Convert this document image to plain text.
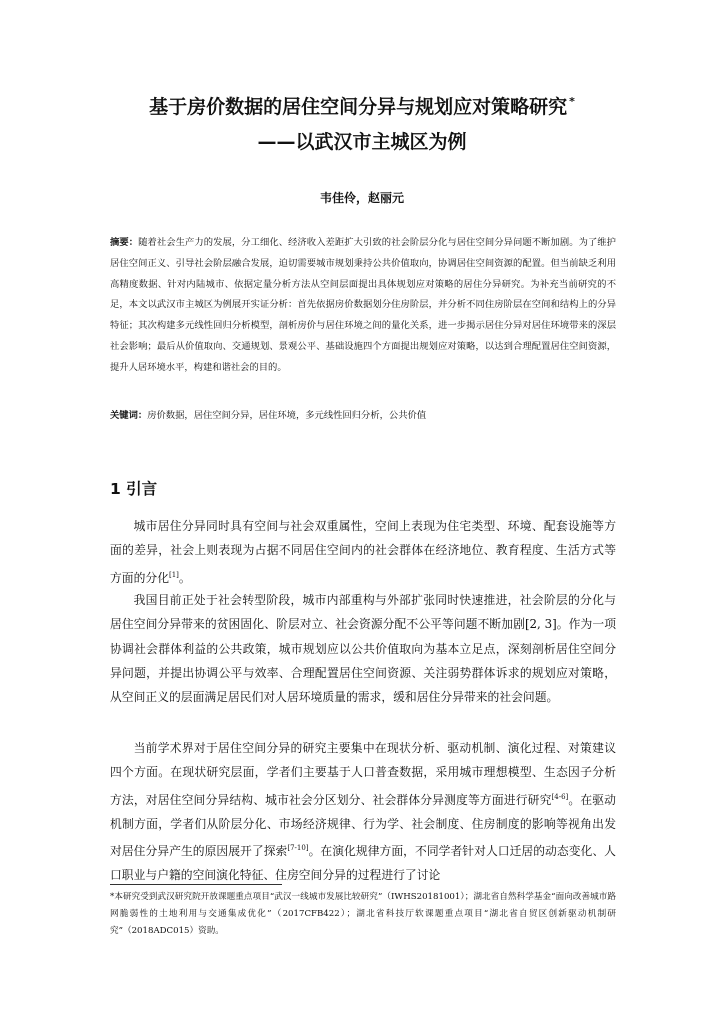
基于房价数据的居住空间分异与规划应对策略研究 *
——以武汉市主城区为例
韦佳伶，赵丽元
摘要：随着社会生产力的发展，分工细化、经济收入差距扩大引致的社会阶层分化与居住空间分异问题不断加剧。为了维护居住空间正义、引导社会阶层融合发展，迫切需要城市规划秉持公共价值取向，协调居住空间资源的配置。但当前缺乏利用高精度数据、针对内陆城市、依据定量分析方法从空间层面提出具体规划应对策略的居住分异研究。为补充当前研究的不足，本文以武汉市主城区为例展开实证分析：首先依据房价数据划分住房阶层，并分析不同住房阶层在空间和结构上的分异特征；其次构建多元线性回归分析模型，剖析房价与居住环境之间的量化关系，进一步揭示居住分异对居住环境带来的深层社会影响；最后从价值取向、交通规划、景观公平、基础设施四个方面提出规划应对策略，以达到合理配置居住空间资源，提升人居环境水平，构建和谐社会的目的。
关键词：房价数据，居住空间分异，居住环境，多元线性回归分析，公共价值
1 引言

城市居住分异同时具有空间与社会双重属性，空间上表现为住宅类型、环境、配套设施等方面的差异，社会上则表现为占据不同居住空间内的社会群体在经济地位、教育程度、生活方式等方面的分化[1]。

我国目前正处于社会转型阶段，城市内部重构与外部扩张同时快速推进，社会阶层的分化与居住空间分异带来的贫困固化、阶层对立、社会资源分配不公平等问题不断加剧[2, 3]。作为一项协调社会群体利益的公共政策，城市规划应以公共价值取向为基本立足点，深刻剖析居住空间分异问题，并提出协调公平与效率、合理配置居住空间资源、关注弱势群体诉求的规划应对策略，从空间正义的层面满足居民们对人居环境质量的需求，缓和居住分异带来的社会问题。

当前学术界对于居住空间分异的研究主要集中在现状分析、驱动机制、演化过程、对策建议四个方面。在现状研究层面，学者们主要基于人口普查数据，采用城市理想模型、生态因子分析方法，对居住空间分异结构、城市社会分区划分、社会群体分异测度等方面进行研究[4-6]。在驱动机制方面，学者们从阶层分化、市场经济规律、行为学、社会制度、住房制度的影响等视角出发对居住分异产生的原因展开了探索[7-10]。在演化规律方面，不同学者针对人口迁居的动态变化、人口职业与户籍的空间演化特征、住房空间分异的过程进行了讨论

*本研究受到武汉研究院开放课题重点项目“武汉一线城市发展比较研究”（IWHS20181001）；湖北省自然科学基金“面向改善城市路网脆弱性的土地利用与交通集成优化”（2017CFB422）；湖北省科技厅软课题重点项目“湖北省自贸区创新驱动机制研究”（2018ADC015）资助。
